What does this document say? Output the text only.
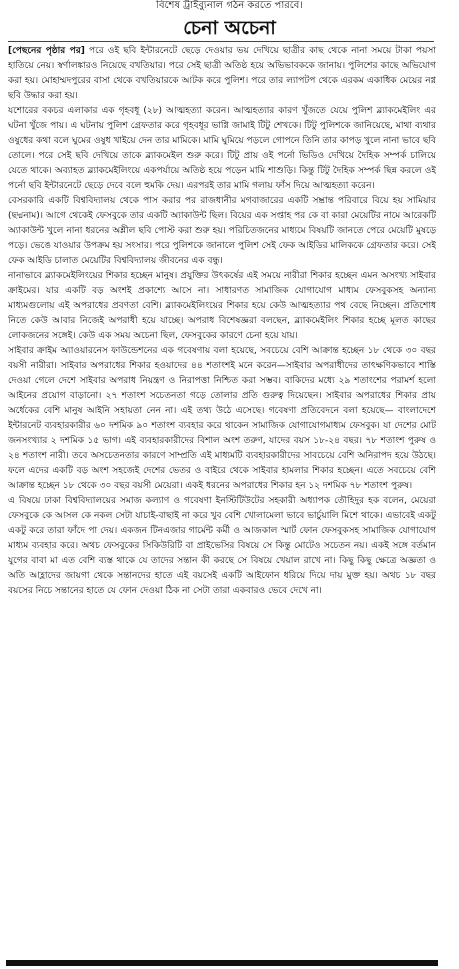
বিশেষ ট্রাইব্যুনাল গঠন করতে পারবে।
চেনা অচেনা

[পেছনের পৃষ্ঠার পর] পরে ওই ছবি ইন্টারনেটে ছেড়ে দেওয়ার ভয় দেখিয়ে ছাত্রীর কাছ থেকে নানা সময়ে টাকা পয়সা হাতিয়ে নেয়। স্বর্ণালঙ্কারও নিয়েছে বখতিয়ার। পরে সেই ছাত্রী অতিষ্ঠ হয়ে অভিভাবককে জানায়। পুলিশের কাছে অভিযোগ করা হয়। মোহাম্মদপুরের বাসা থেকে বখতিয়ারকে আটক করে পুলিশ। পরে তার ল্যাপটপ থেকে এরকম একাধিক মেয়ের নগ্ন ছবি উদ্ধার করা হয়।

যশোরের বকচর এলাকার এক গৃহবধূ (২৮) আত্মহত্যা করেন। আত্মহত্যার কারণ খুঁজতে যেয়ে পুলিশ ব্ল্যাকমেইলিং এর ঘটনা খুঁজে পায়। এ ঘটনায় পুলিশ গ্রেফতার করে গৃহবধূর ভাগ্নি জামাই টিটু শেখকে। টিটু পুলিশকে জানিয়েছে, মাথা ব্যথার ওষুধের কথা বলে ঘুমের ওষুধ খাইয়ে দেন তার মামিকে। মামি ঘুমিয়ে পড়লে গোপনে তিনি তার কাপড় খুলে নানা ভাবে ছবি তোলে। পরে সেই ছবি দেখিয়ে তাকে ব্ল্যাকমেইল শুরু করে। টিটু প্রায় ওই পর্নো ভিডিও দেখিয়ে দৈহিক সম্পর্ক চালিয়ে যেতে থাকে। অব্যাহত ব্ল্যাকমেইলিংয়ে একপর্যায়ে অতিষ্ঠ হয়ে পড়েন মামি শাশুড়ি। কিন্তু টিটু দৈহিক সম্পর্ক ছিন্ন করলে ওই পর্নো ছবি ইন্টারনেটে ছেড়ে দেবে বলে হুমকি দেয়। এরপরই তার মামি গলায় ফাঁস দিয়ে আত্মহত্যা করেন।

বেসরকারি একটি বিশ্ববিদ্যালয় থেকে পাস করার পর রাজধানীর মগবাজারের একটি সম্ভ্রান্ত পরিবারে বিয়ে হয় সামিয়ার (ছদ্মনাম)। আগে থেকেই ফেসবুকে তার একটি অ্যাকাউন্ট ছিল। বিয়ের এক সপ্তাহ পর কে বা কারা মেয়েটির নামে আরেকটি অ্যাকাউন্ট খুলে নানা ধরনের অশ্লীল ছবি পোস্ট করা শুরু হয়। পরিচিতজনের মাধ্যমে বিষয়টি জানতে পেরে মেয়েটি মুষড়ে পড়ে। ভেঙে যাওয়ার উপক্রম হয় সংসার। পরে পুলিশকে জানালে পুলিশ সেই ফেক আইডির মালিককে গ্রেফতার করে। সেই ফেক আইডি চালাত মেয়েটির বিশ্ববিদ্যালয় জীবনের এক বন্ধু।

নানাভাবে ব্ল্যাকমেইলিংয়ের শিকার হচ্ছেন মানুষ। প্রযুক্তির উৎকর্ষের এই সময়ে নারীরা শিকার হচ্ছেন এমন অসংখ্য সাইবার ক্রাইমের। যার একটি বড় অংশই প্রকাশ্যে আসে না। সাধারণত সামাজিক যোগাযোগ মাধ্যম ফেসবুকসহ অন্যান্য মাধ্যমগুলোয় এই অপরাধের প্রবণতা বেশি। ব্ল্যাকমেইলিংয়ের শিকার হয়ে কেউ আত্মহত্যার পথ বেছে নিচ্ছেন। প্রতিশোধ নিতে কেউ আবার নিজেই অপরাধী হয়ে যাচ্ছে। অপরাধ বিশেষজ্ঞরা বলছেন, ব্ল্যাকমেইলিং শিকার হচ্ছে মূলত কাছের লোকজনের সঙ্গেই। কেউ এক সময় অচেনা ছিল, ফেসবুকের কারণে চেনা হয়ে যায়।

সাইবার ক্রাইম অ্যাওয়ারনেস ফাউন্ডেশনের এক গবেষণায় বলা হয়েছে, সবচেয়ে বেশি আক্রান্ত হচ্ছেন ১৮ থেকে ৩০ বছর বয়সী নারীরা। সাইবার অপরাধের শিকার হওয়াদের ৪৪ শতাংশই মনে করেন—সাইবার অপরাধীদের তাৎক্ষণিকভাবে শাস্তি দেওয়া গেলে দেশে সাইবার অপরাধ নিয়ন্ত্রণ ও নিরাপত্তা নিশ্চিত করা সম্ভব। বাকিদের মধ্যে ২৯ শতাংশের পরামর্শ হলো আইনের প্রয়োগ বাড়ানো। ২৭ শতাংশ সচেতনতা গড়ে তোলার প্রতি গুরুত্ব দিয়েছেন। সাইবার অপরাধের শিকার প্রায় অর্ধেকের বেশি মানুষ আইনি সহায়তা নেন না। এই তথ্য উঠে এসেছে। গবেষণা প্রতিবেদনে বলা হয়েছে— বাংলাদেশে ইন্টারনেট ব্যবহারকারীর ৬০ দশমিক ৯০ শতাংশ ব্যবহার করে থাকেন সামাজিক যোগাযোগমাধ্যম ফেসবুক। যা দেশের মোট জনসংখ্যার ২ দশমিক ১৫ ভাগ। এই ব্যবহারকারীদের বিশাল অংশ তরুণ, যাদের বয়স ১৮-২৪ বছর। ৭৮ শতাংশ পুরুষ ও ২৪ শতাংশ নারী। তবে অসচেতনতার কারণে সাম্প্রতি এই মাধ্যমটি ব্যবহারকারীদের সাবচেয়ে বেশি অনিরাপদ হয়ে উঠছে। ফলে এদের একটি বড় অংশ সহজেই দেশের ভেতর ও বাইরে থেকে সাইবার হামলার শিকার হচ্ছেন। এতে সবচেয়ে বেশি আক্রান্ত হচ্ছেন ১৮ থেকে ৩০ বছর বয়সী মেয়েরা। একই ধরনের অপরাধের শিকার হন ১২ দশমিক ৭৮ শতাংশ পুরুষ।

এ বিষয়ে ঢাকা বিশ্ববিদ্যালয়ের সমাজ কল্যাণ ও গবেষণা ইনস্টিটিউটের সহকারী অধ্যাপক তৌহিদুর হক বলেন, মেয়েরা ফেসবুকে কে আসল কে নকল সেটা যাচাই-বাছাই না করে খুব বেশি খোলামেলা ভাবে ভার্চুয়ালি মিশে থাকে। এভাবেই একটু একটু করে তারা ফাঁদে পা দেয়। একজন টিনএজার গার্মেন্ট কর্মী ও আজকাল স্মার্ট ফোন ফেসবুকসহ সামাজিক যোগাযোগ মাধ্যম ব্যবহার করে। অথচ ফেসবুকের সিকিউরিটি বা প্রাইভেসির বিষয়ে সে কিন্তু মোটেও সচেতন নয়। একই সঙ্গে বর্তমান যুগের বাবা মা এত বেশি ব্যস্ত থাকে যে তাদের সন্তান কী করছে সে বিষয়ে খেয়াল রাখে না। কিছু কিছু ক্ষেত্রে অজ্ঞতা ও অতি আহ্লাদের জায়গা থেকে সন্তানদের হাতে এই বয়সেই একটি আইফোন ধরিয়ে দিয়ে দায় মুক্ত হয়। অথচ ১৮ বছর বয়সের নিচে সন্তানের হাতে যে ফোন দেওয়া ঠিক না সেটা তারা একবারও ভেবে দেখে না।
